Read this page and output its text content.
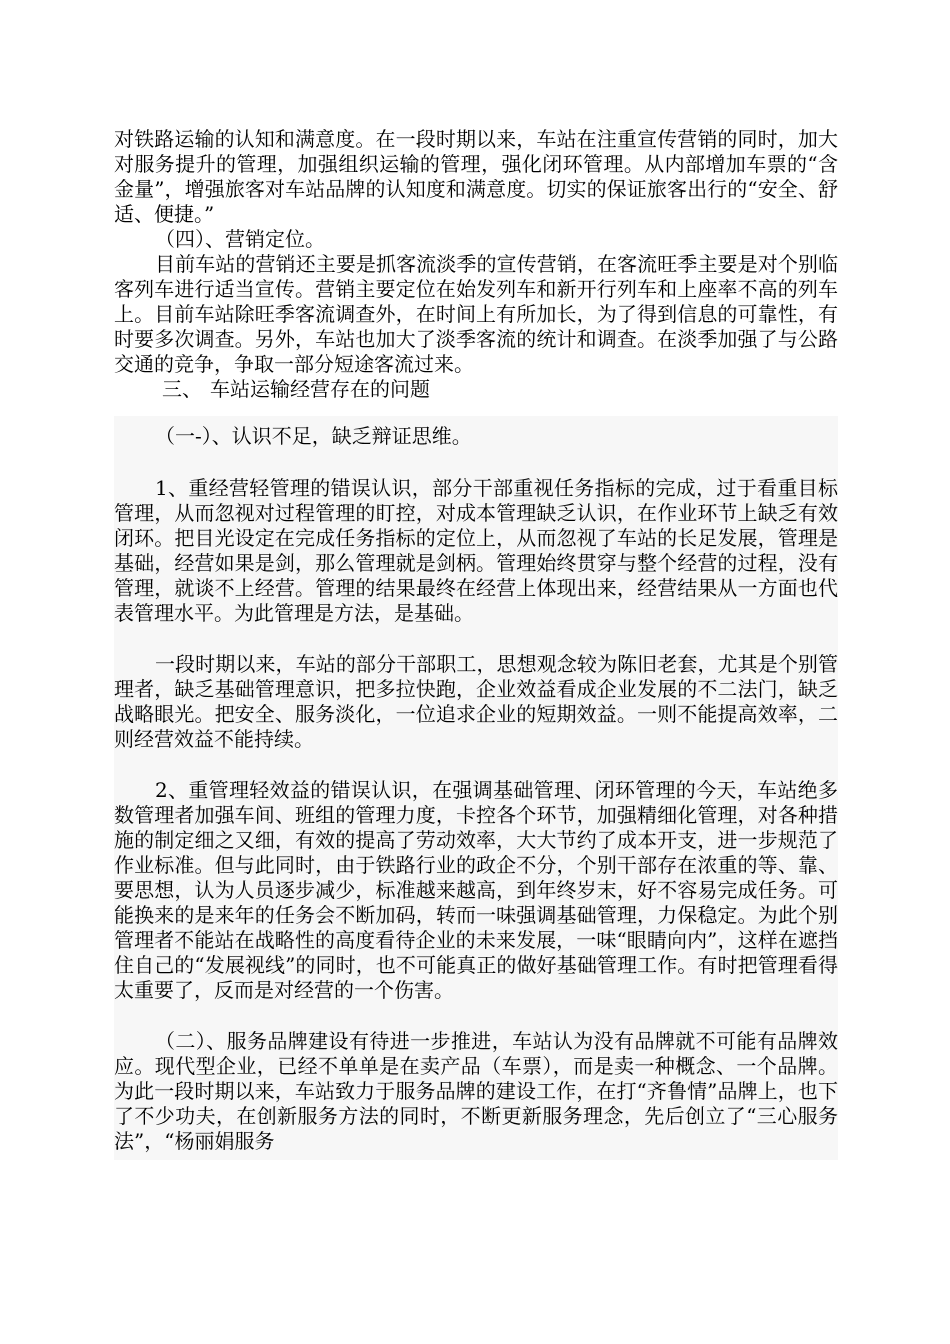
对铁路运输的认知和满意度。在一段时期以来，车站在注重宣传营销的同时，加大对服务提升的管理，加强组织运输的管理，强化闭环管理。从内部增加车票的“含金量”，增强旅客对车站品牌的认知度和满意度。切实的保证旅客出行的“安全、舒适、便捷。”

（四）、营销定位。

目前车站的营销还主要是抓客流淡季的宣传营销，在客流旺季主要是对个别临客列车进行适当宣传。营销主要定位在始发列车和新开行列车和上座率不高的列车上。目前车站除旺季客流调查外，在时间上有所加长，为了得到信息的可靠性，有时要多次调查。另外，车站也加大了淡季客流的统计和调查。在淡季加强了与公路交通的竞争，争取一部分短途客流过来。

三、 车站运输经营存在的问题

（一-）、认识不足，缺乏辩证思维。

1、重经营轻管理的错误认识，部分干部重视任务指标的完成，过于看重目标管理，从而忽视对过程管理的盯控，对成本管理缺乏认识，在作业环节上缺乏有效闭环。把目光设定在完成任务指标的定位上，从而忽视了车站的长足发展，管理是基础，经营如果是剑，那么管理就是剑柄。管理始终贯穿与整个经营的过程，没有管理，就谈不上经营。管理的结果最终在经营上体现出来，经营结果从一方面也代表管理水平。为此管理是方法，是基础。

一段时期以来，车站的部分干部职工，思想观念较为陈旧老套，尤其是个别管理者，缺乏基础管理意识，把多拉快跑，企业效益看成企业发展的不二法门，缺乏战略眼光。把安全、服务淡化，一位追求企业的短期效益。一则不能提高效率，二则经营效益不能持续。

2、重管理轻效益的错误认识，在强调基础管理、闭环管理的今天，车站绝多数管理者加强车间、班组的管理力度，卡控各个环节，加强精细化管理，对各种措施的制定细之又细，有效的提高了劳动效率，大大节约了成本开支，进一步规范了作业标准。但与此同时，由于铁路行业的政企不分，个别干部存在浓重的等、靠、要思想，认为人员逐步减少，标准越来越高，到年终岁末，好不容易完成任务。可能换来的是来年的任务会不断加码，转而一味强调基础管理，力保稳定。为此个别管理者不能站在战略性的高度看待企业的未来发展，一味“眼睛向内”，这样在遮挡住自己的“发展视线”的同时，也不可能真正的做好基础管理工作。有时把管理看得太重要了，反而是对经营的一个伤害。

（二）、服务品牌建设有待进一步推进，车站认为没有品牌就不可能有品牌效应。现代型企业，已经不单单是在卖产品（车票），而是卖一种概念、一个品牌。为此一段时期以来，车站致力于服务品牌的建设工作，在打“齐鲁情”品牌上，也下了不少功夫，在创新服务方法的同时，不断更新服务理念，先后创立了“三心服务法”，“杨丽娟服务
